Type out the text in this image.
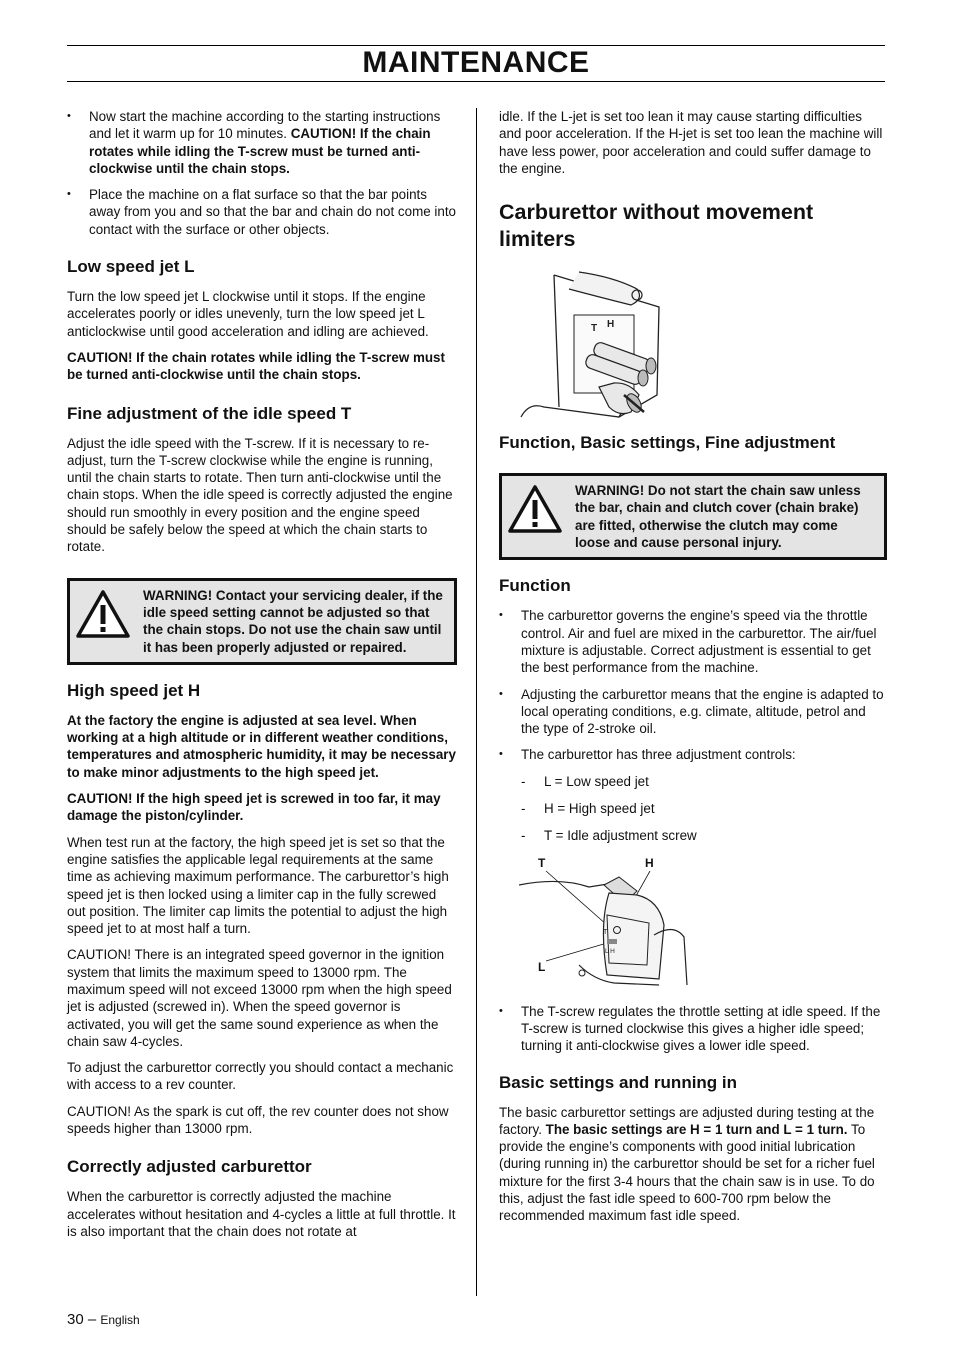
MAINTENANCE
• Now start the machine according to the starting instructions and let it warm up for 10 minutes. CAUTION! If the chain rotates while idling the T-screw must be turned anti-clockwise until the chain stops.
• Place the machine on a flat surface so that the bar points away from you and so that the bar and chain do not come into contact with the surface or other objects.
Low speed jet L

Turn the low speed jet L clockwise until it stops. If the engine accelerates poorly or idles unevenly, turn the low speed jet L anticlockwise until good acceleration and idling are achieved.

CAUTION! If the chain rotates while idling the T-screw must be turned anti-clockwise until the chain stops.

Fine adjustment of the idle speed T

Adjust the idle speed with the T-screw. If it is necessary to re-adjust, turn the T-screw clockwise while the engine is running, until the chain starts to rotate. Then turn anti-clockwise until the chain stops. When the idle speed is correctly adjusted the engine should run smoothly in every position and the engine speed should be safely below the speed at which the chain starts to rotate.

WARNING! Contact your servicing dealer, if the idle speed setting cannot be adjusted so that the chain stops. Do not use the chain saw until it has been properly adjusted or repaired.
High speed jet H

At the factory the engine is adjusted at sea level. When working at a high altitude or in different weather conditions, temperatures and atmospheric humidity, it may be necessary to make minor adjustments to the high speed jet.

CAUTION! If the high speed jet is screwed in too far, it may damage the piston/cylinder.

When test run at the factory, the high speed jet is set so that the engine satisfies the applicable legal requirements at the same time as achieving maximum performance. The carburettor’s high speed jet is then locked using a limiter cap in the fully screwed out position. The limiter cap limits the potential to adjust the high speed jet to at most half a turn.

CAUTION! There is an integrated speed governor in the ignition system that limits the maximum speed to 13000 rpm. The maximum speed will not exceed 13000 rpm when the high speed jet is adjusted (screwed in). When the speed governor is activated, you will get the same sound experience as when the chain saw 4-cycles.

To adjust the carburettor correctly you should contact a mechanic with access to a rev counter.

CAUTION! As the spark is cut off, the rev counter does not show speeds higher than 13000 rpm.

Correctly adjusted carburettor

When the carburettor is correctly adjusted the machine accelerates without hesitation and 4-cycles a little at full throttle. It is also important that the chain does not rotate at

idle. If the L-jet is set too lean it may cause starting difficulties and poor acceleration. If the H-jet is set too lean the machine will have less power, poor acceleration and could suffer damage to the engine.

Carburettor without movement limiters
T H
Function, Basic settings, Fine adjustment
WARNING! Do not start the chain saw unless the bar, chain and clutch cover (chain brake) are fitted, otherwise the clutch may come loose and cause personal injury.
Function
• The carburettor governs the engine’s speed via the throttle control. Air and fuel are mixed in the carburettor. The air/fuel mixture is adjustable. Correct adjustment is essential to get the best performance from the machine.
• Adjusting the carburettor means that the engine is adapted to local operating conditions, e.g. climate, altitude, petrol and the type of 2-stroke oil.
• The carburettor has three adjustment controls:
- L = Low speed jet
- H = High speed jet
- T = Idle adjustment screw
T	H
L
T
L H
• The T-screw regulates the throttle setting at idle speed. If the T-screw is turned clockwise this gives a higher idle speed; turning it anti-clockwise gives a lower idle speed.
Basic settings and running in

The basic carburettor settings are adjusted during testing at the factory. The basic settings are H = 1 turn and L = 1 turn. To provide the engine’s components with good initial lubrication (during running in) the carburettor should be set for a richer fuel mixture for the first 3-4 hours that the chain saw is in use. To do this, adjust the fast idle speed to 600-700 rpm below the recommended maximum fast idle speed.

30 – English
